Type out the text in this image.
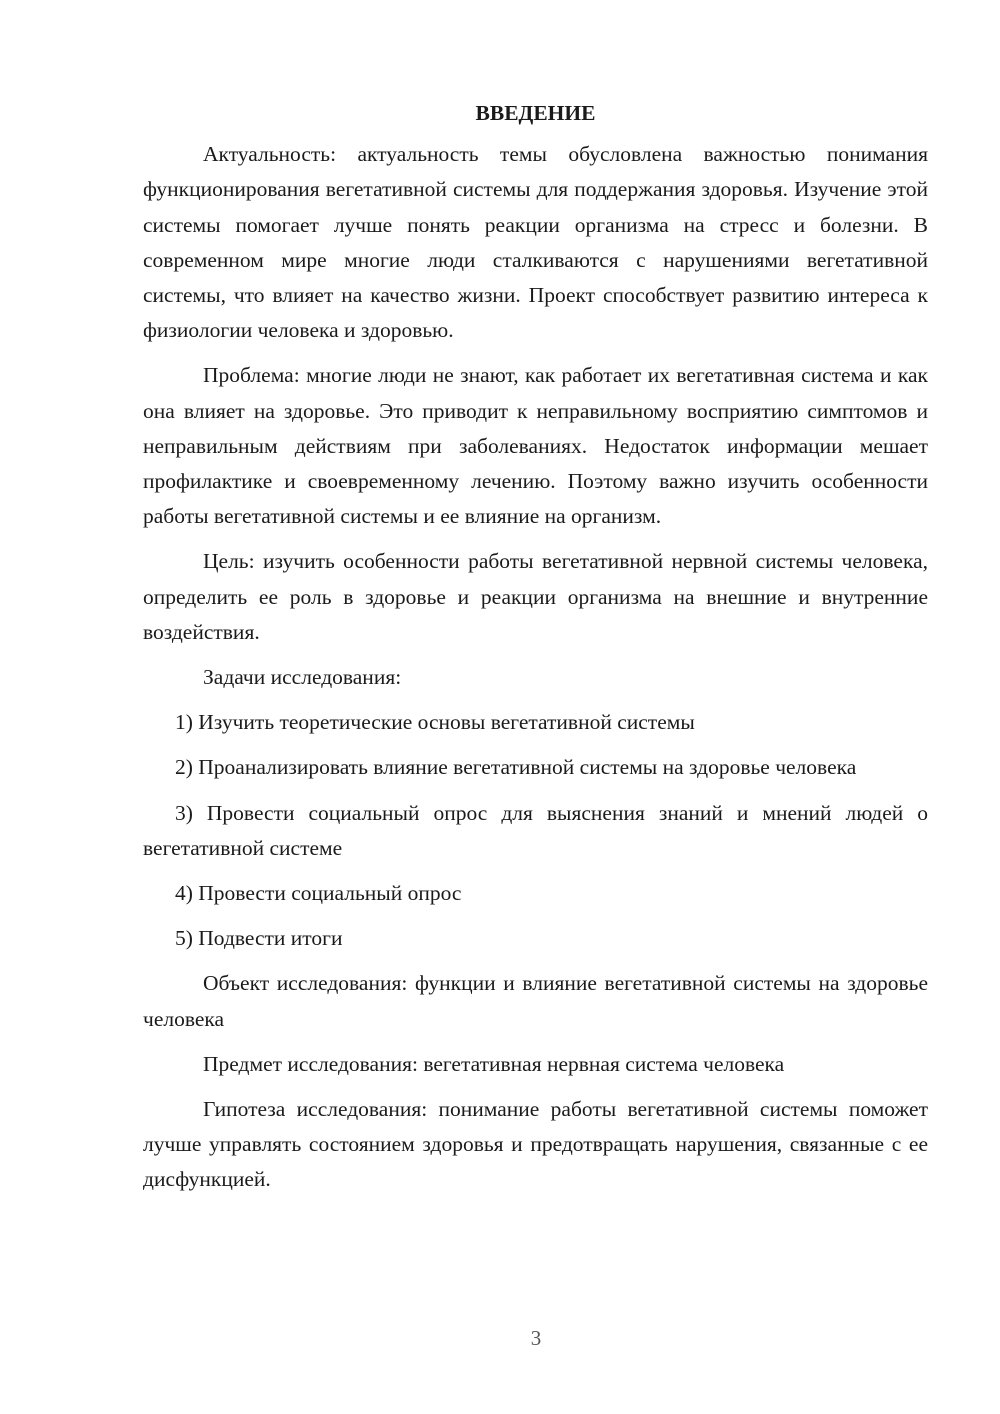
ВВЕДЕНИЕ

Актуальность: актуальность темы обусловлена важностью понимания функционирования вегетативной системы для поддержания здоровья. Изучение этой системы помогает лучше понять реакции организма на стресс и болезни. В современном мире многие люди сталкиваются с нарушениями вегетативной системы, что влияет на качество жизни. Проект способствует развитию интереса к физиологии человека и здоровью.

Проблема: многие люди не знают, как работает их вегетативная система и как она влияет на здоровье. Это приводит к неправильному восприятию симптомов и неправильным действиям при заболеваниях. Недостаток информации мешает профилактике и своевременному лечению. Поэтому важно изучить особенности работы вегетативной системы и ее влияние на организм.

Цель: изучить особенности работы вегетативной нервной системы человека, определить ее роль в здоровье и реакции организма на внешние и внутренние воздействия.

Задачи исследования:

1) Изучить теоретические основы вегетативной системы

2) Проанализировать влияние вегетативной системы на здоровье человека

3) Провести социальный опрос для выяснения знаний и мнений людей о вегетативной системе

4) Провести социальный опрос

5) Подвести итоги

Объект исследования: функции и влияние вегетативной системы на здоровье человека

Предмет исследования: вегетативная нервная система человека

Гипотеза исследования: понимание работы вегетативной системы поможет лучше управлять состоянием здоровья и предотвращать нарушения, связанные с ее дисфункцией.

3
